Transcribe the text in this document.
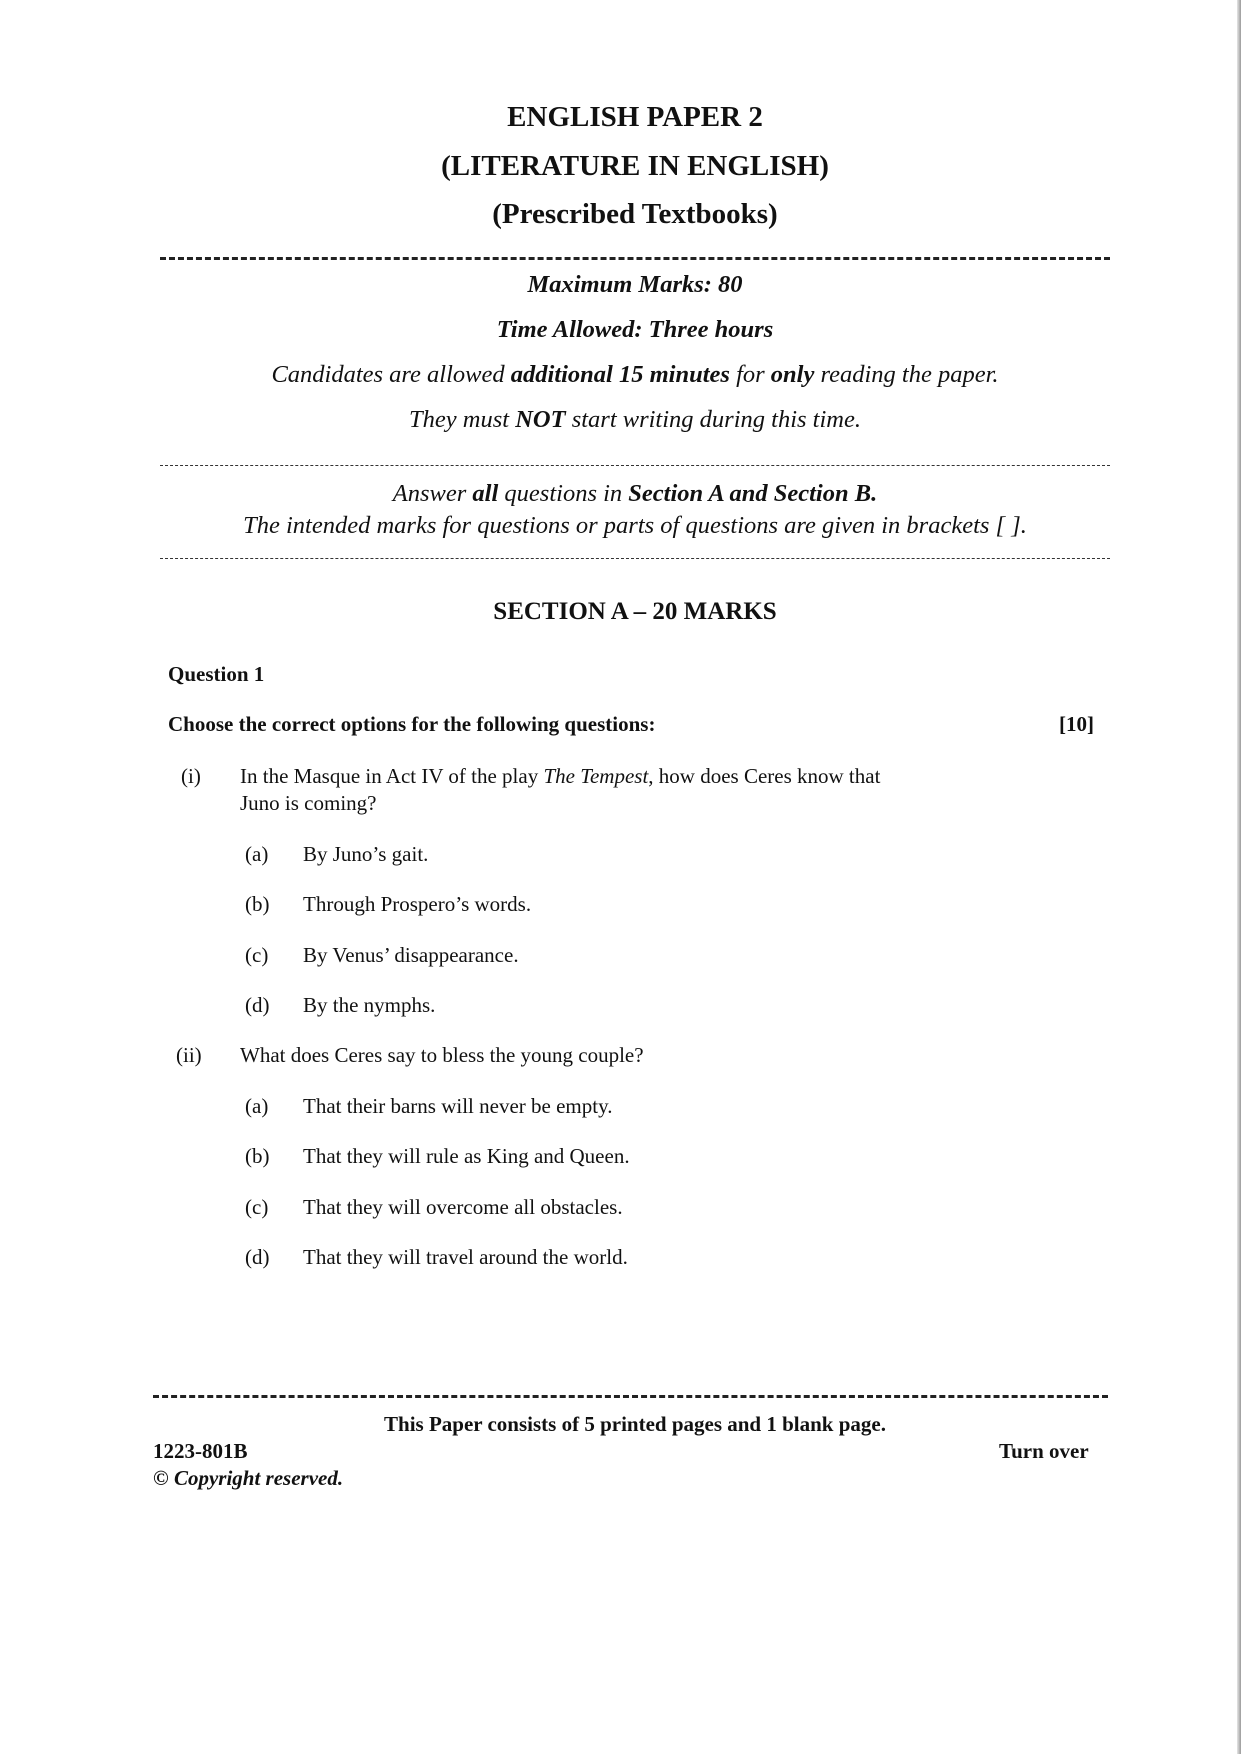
ENGLISH PAPER 2
(LITERATURE IN ENGLISH)
(Prescribed Textbooks)
Maximum Marks: 80
Time Allowed: Three hours
Candidates are allowed additional 15 minutes for only reading the paper.
They must NOT start writing during this time.
Answer all questions in Section A and Section B.
The intended marks for questions or parts of questions are given in brackets [ ].
SECTION A – 20 MARKS
Question 1
Choose the correct options for the following questions:	[10]
(i) In the Masque in Act IV of the play The Tempest, how does Ceres know that
Juno is coming?
(a) By Juno’s gait.
(b) Through Prospero’s words.
(c) By Venus’ disappearance.
(d) By the nymphs.
(ii) What does Ceres say to bless the young couple?
(a) That their barns will never be empty.
(b) That they will rule as King and Queen.
(c) That they will overcome all obstacles.
(d) That they will travel around the world.
This Paper consists of 5 printed pages and 1 blank page.
1223-801B	Turn over
© Copyright reserved.
